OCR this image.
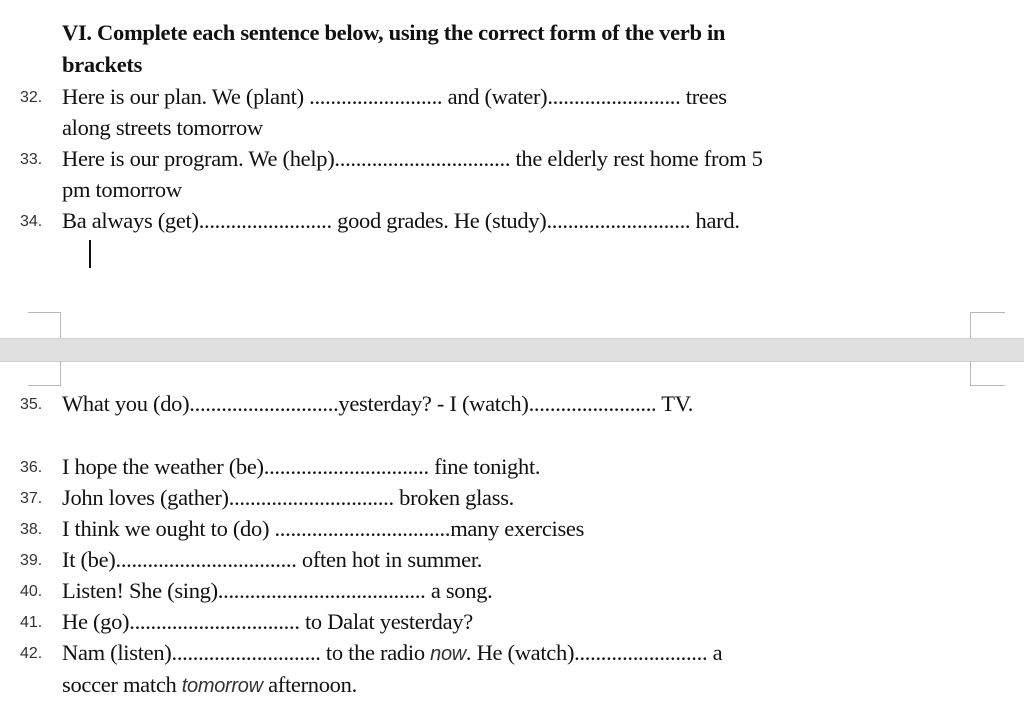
VI. Complete each sentence below, using the correct form of the verb in
brackets
32. Here is our plan. We (plant) ......................... and (water)......................... trees
along streets tomorrow
33. Here is our program. We (help)................................. the elderly rest home from 5
pm tomorrow
34. Ba always (get)......................... good grades. He (study)........................... hard.
35. What you (do)............................yesterday? - I (watch)........................ TV.
36. I hope the weather (be)............................... fine tonight.
37. John loves (gather)............................... broken glass.
38. I think we ought to (do) .................................many exercises
39. It (be).................................. often hot in summer.
40. Listen! She (sing)....................................... a song.
41. He (go)................................ to Dalat yesterday?
42. Nam (listen)............................ to the radio now. He (watch)......................... a
soccer match tomorrow afternoon.
